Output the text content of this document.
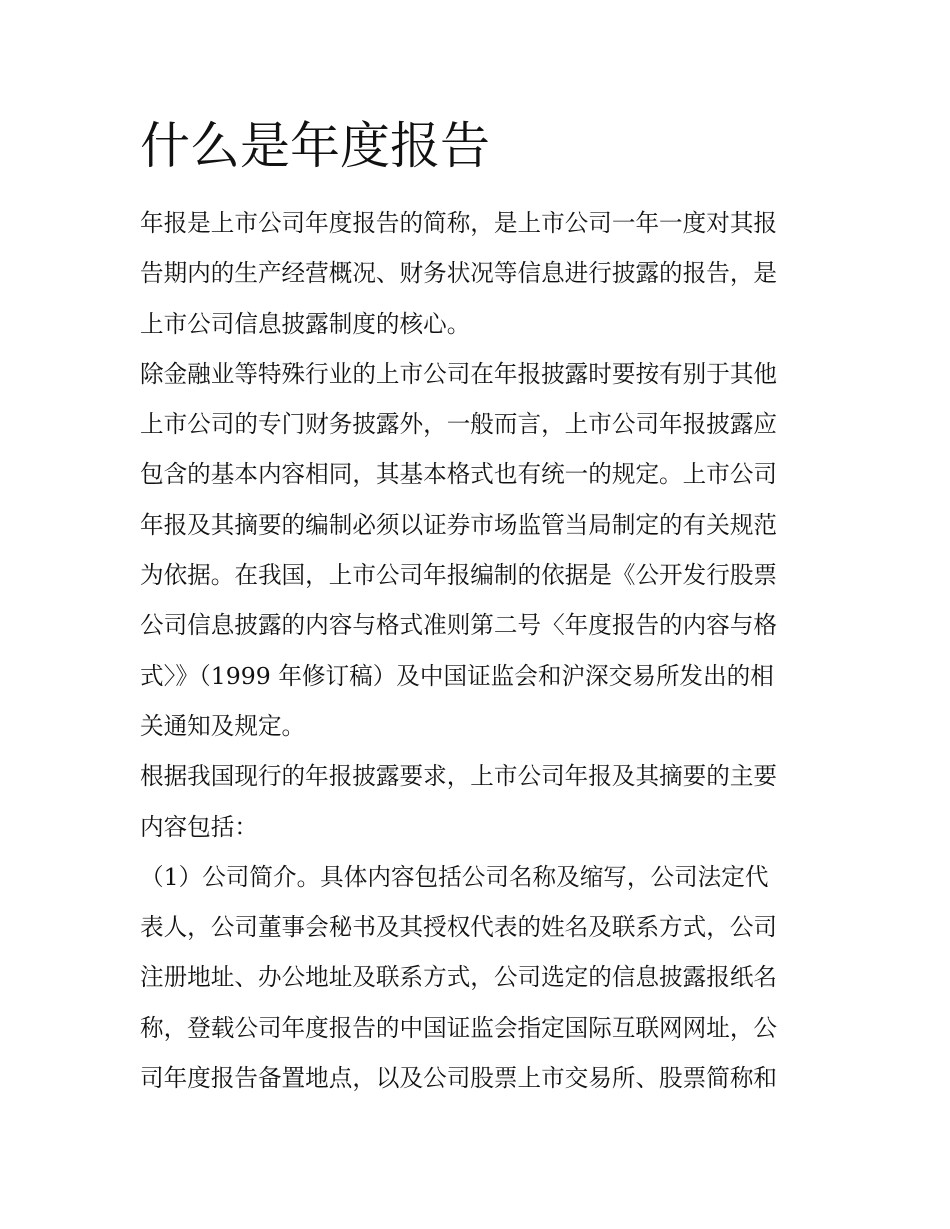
什么是年度报告
年报是上市公司年度报告的简称，是上市公司一年一度对其报
告期内的生产经营概况、财务状况等信息进行披露的报告，是
上市公司信息披露制度的核心。
除金融业等特殊行业的上市公司在年报披露时要按有别于其他
上市公司的专门财务披露外，一般而言，上市公司年报披露应
包含的基本内容相同，其基本格式也有统一的规定。上市公司
年报及其摘要的编制必须以证券市场监管当局制定的有关规范
为依据。在我国，上市公司年报编制的依据是《公开发行股票
公司信息披露的内容与格式准则第二号〈年度报告的内容与格
式〉》（1999 年修订稿）及中国证监会和沪深交易所发出的相
关通知及规定。
根据我国现行的年报披露要求，上市公司年报及其摘要的主要
内容包括：
（1）公司简介。具体内容包括公司名称及缩写，公司法定代
表人，公司董事会秘书及其授权代表的姓名及联系方式，公司
注册地址、办公地址及联系方式，公司选定的信息披露报纸名
称，登载公司年度报告的中国证监会指定国际互联网网址，公
司年度报告备置地点，以及公司股票上市交易所、股票简称和
